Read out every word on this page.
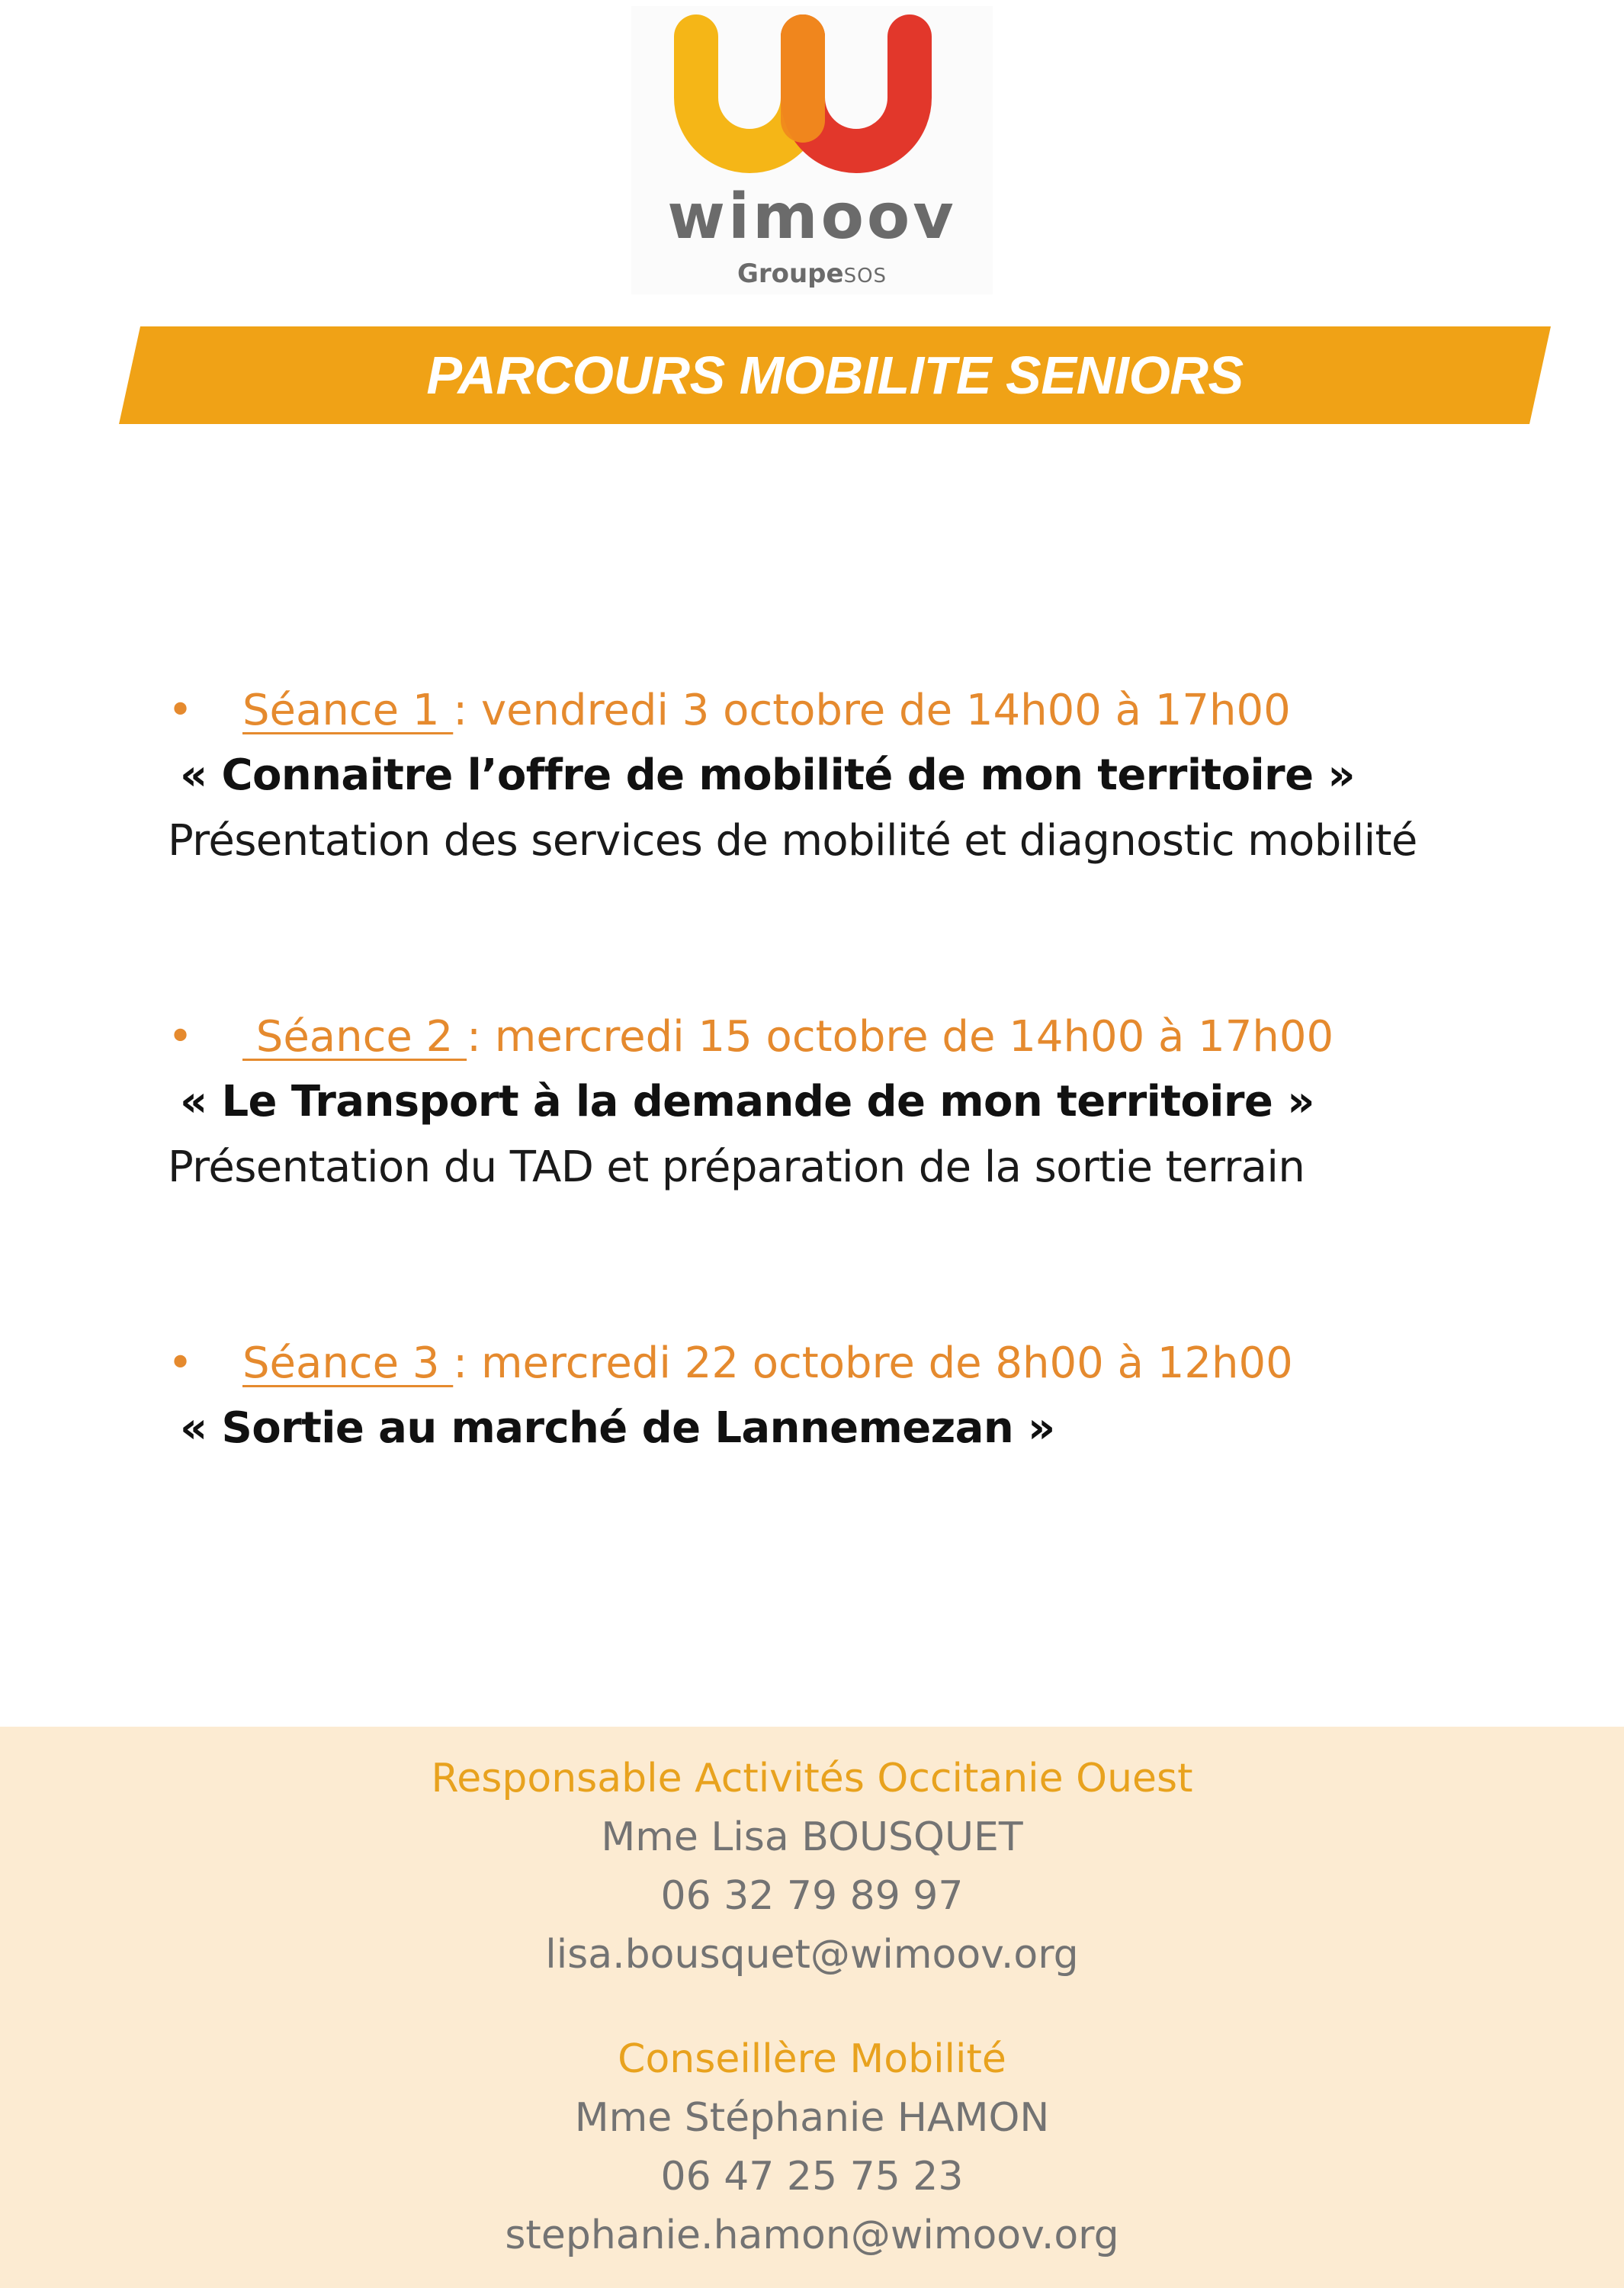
wimoov
GroupeSOS
PARCOURS MOBILITE SENIORS
• Séance 1 : vendredi 3 octobre de 14h00 à 17h00
« Connaitre l’offre de mobilité de mon territoire »
Présentation des services de mobilité et diagnostic mobilité
• Séance 2 : mercredi 15 octobre de 14h00 à 17h00
« Le Transport à la demande de mon territoire »
Présentation du TAD et préparation de la sortie terrain
• Séance 3 : mercredi 22 octobre de 8h00 à 12h00
« Sortie au marché de Lannemezan »
Responsable Activités Occitanie Ouest
Mme Lisa BOUSQUET
06 32 79 89 97
lisa.bousquet@wimoov.org
Conseillère Mobilité
Mme Stéphanie HAMON
06 47 25 75 23
stephanie.hamon@wimoov.org
